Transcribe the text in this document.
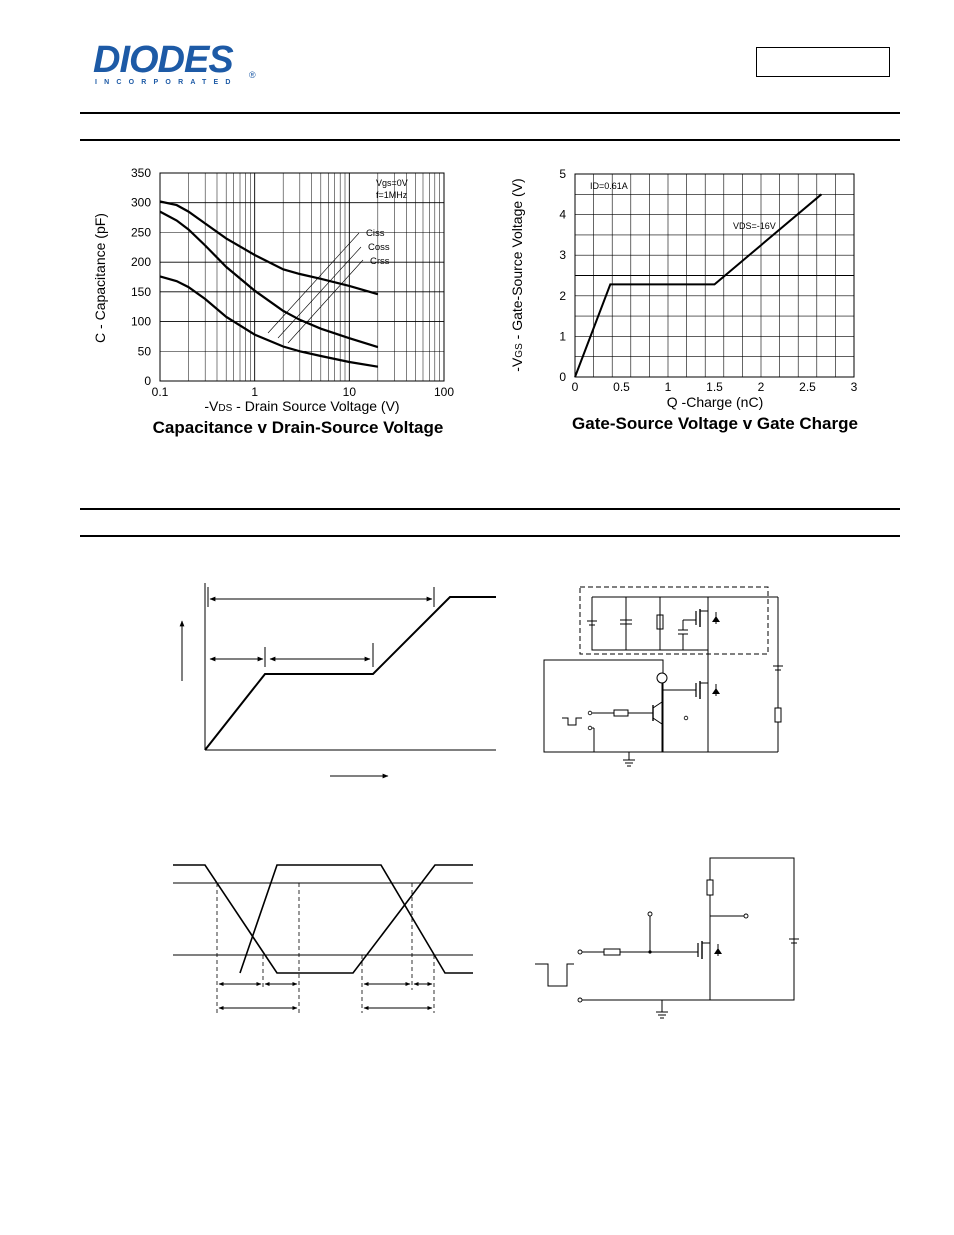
DIODES ®
INCORPORATED
0
50
100
150
200
250
300
350
0.1	1	10	100
Vgs=0V
f=1MHz
Ciss
Coss
Crss
C - Capacitance (pF)
-VDS - Drain Source Voltage (V)
Capacitance v Drain-Source Voltage
0
1
2
3
4
5
0	0.5	1	1.5	2	2.5	3
ID=0.61A
VDS=-16V
-VGS - Gate-Source Voltage (V)
Q -Charge (nC)
Gate-Source Voltage v Gate Charge
